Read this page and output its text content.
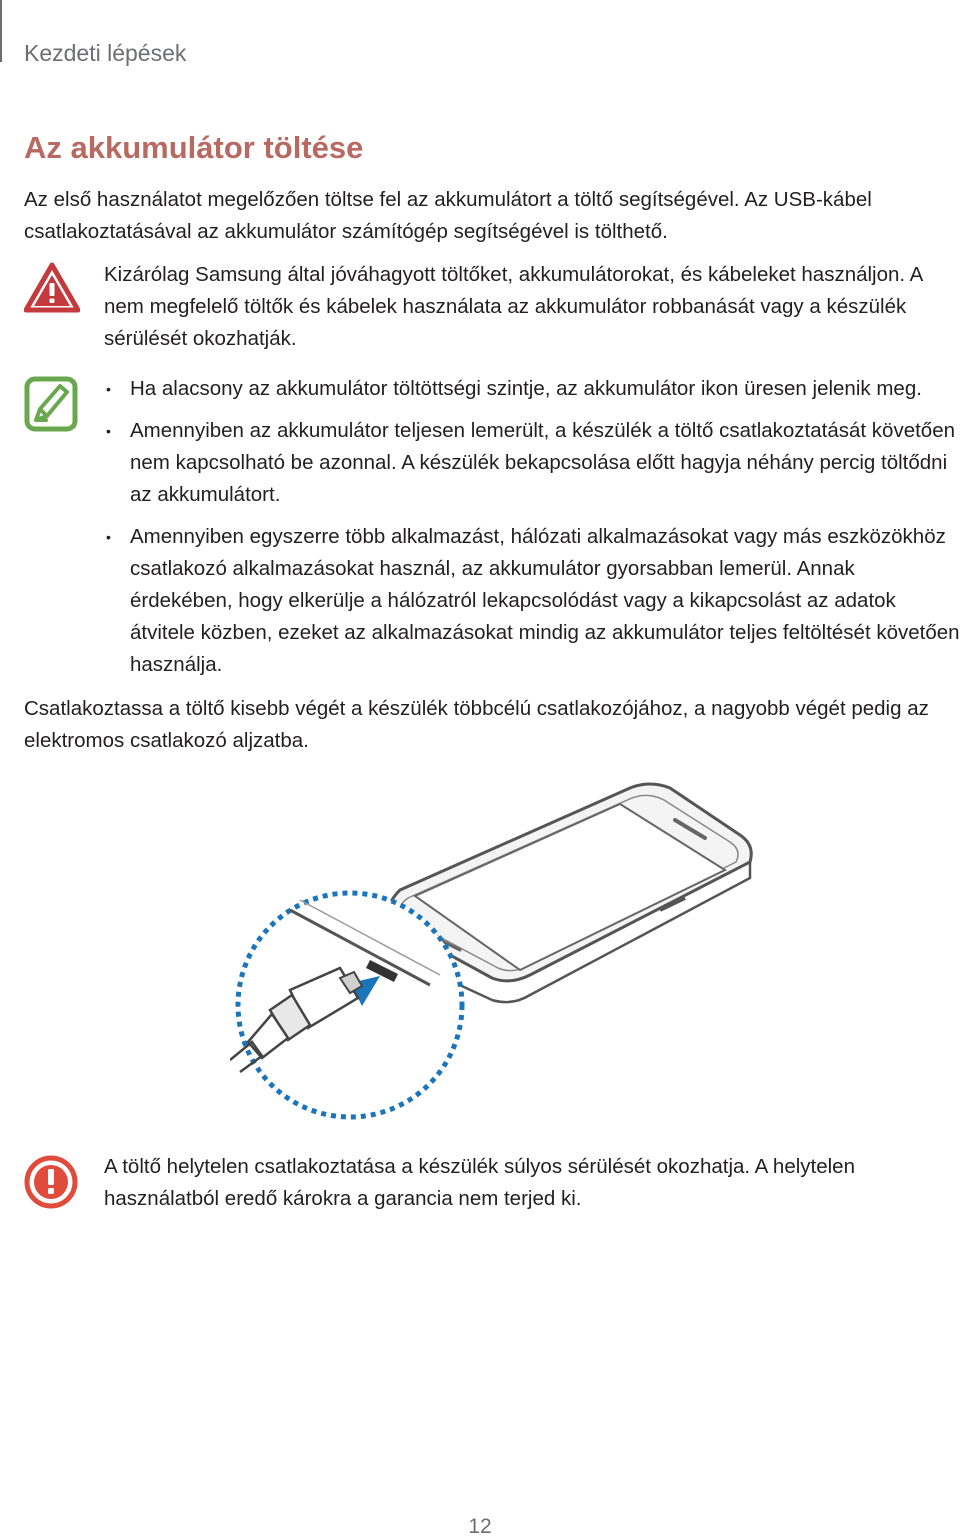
Kezdeti lépések
Az akkumulátor töltése

Az első használatot megelőzően töltse fel az akkumulátort a töltő segítségével. Az USB-kábel csatlakoztatásával az akkumulátor számítógép segítségével is tölthető.

Kizárólag Samsung által jóváhagyott töltőket, akkumulátorokat, és kábeleket használjon. A nem megfelelő töltők és kábelek használata az akkumulátor robbanását vagy a készülék sérülését okozhatják.

• Ha alacsony az akkumulátor töltöttségi szintje, az akkumulátor ikon üresen jelenik meg.
• Amennyiben az akkumulátor teljesen lemerült, a készülék a töltő csatlakoztatását követően nem kapcsolható be azonnal. A készülék bekapcsolása előtt hagyja néhány percig töltődni az akkumulátort.
• Amennyiben egyszerre több alkalmazást, hálózati alkalmazásokat vagy más eszközökhöz csatlakozó alkalmazásokat használ, az akkumulátor gyorsabban lemerül. Annak érdekében, hogy elkerülje a hálózatról lekapcsolódást vagy a kikapcsolást az adatok átvitele közben, ezeket az alkalmazásokat mindig az akkumulátor teljes feltöltését követően használja.

Csatlakoztassa a töltő kisebb végét a készülék többcélú csatlakozójához, a nagyobb végét pedig az elektromos csatlakozó aljzatba.

A töltő helytelen csatlakoztatása a készülék súlyos sérülését okozhatja. A helytelen használatból eredő károkra a garancia nem terjed ki.

12
